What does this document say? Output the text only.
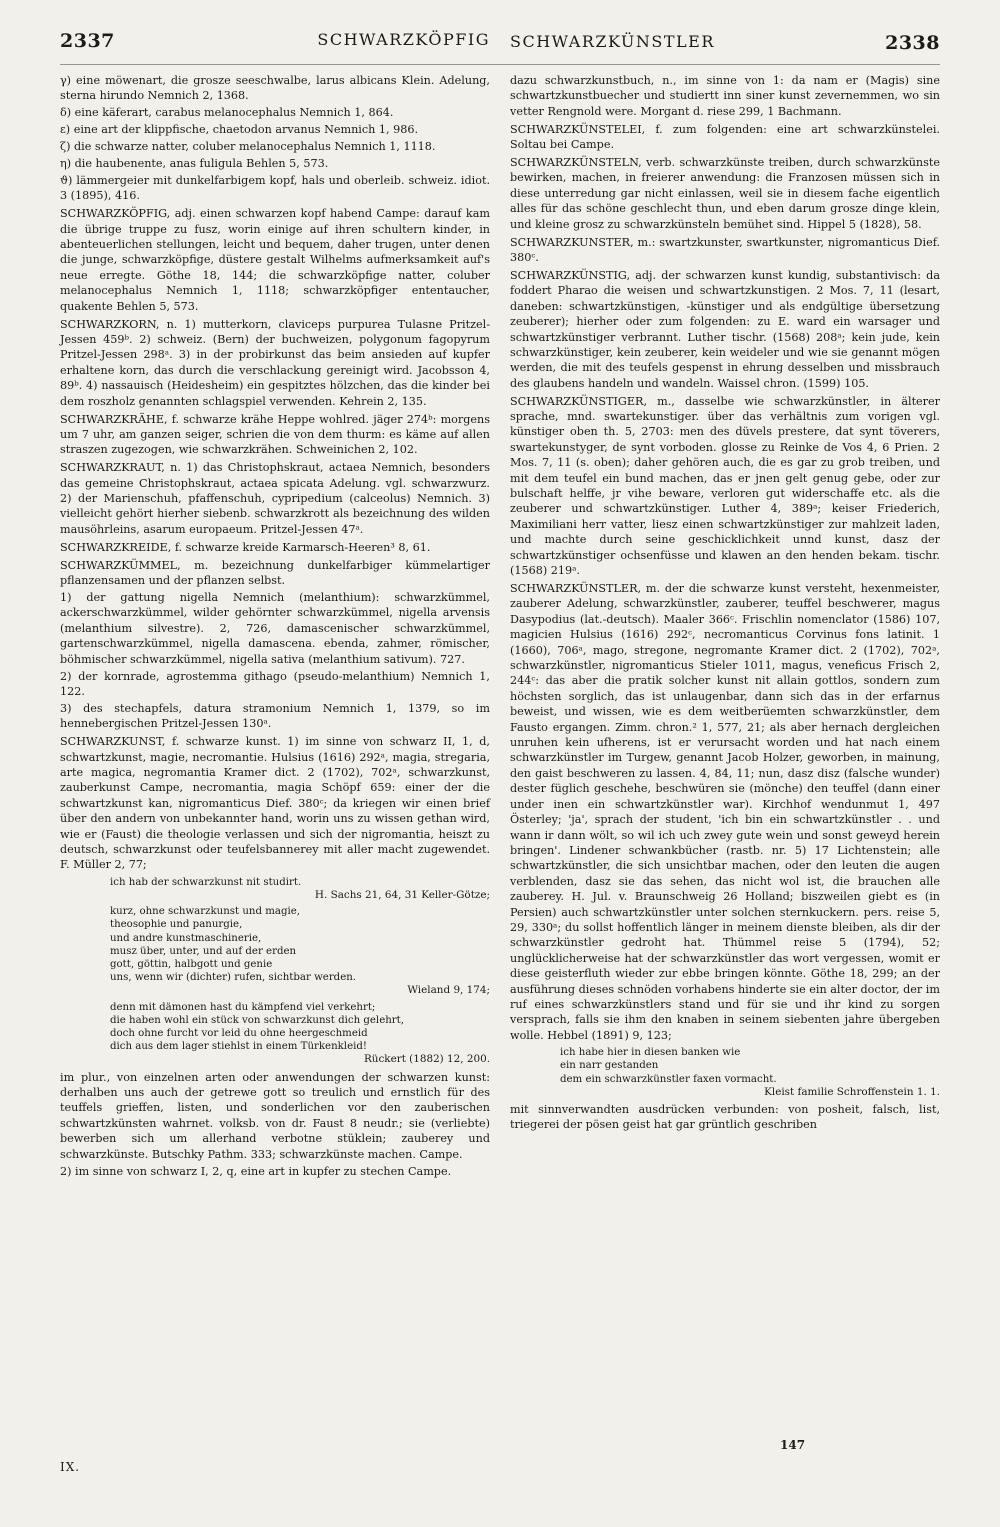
2337	SCHWARZKÖPFIG SCHWARZKÜNSTLER	2338

γ) eine möwenart, die grosze seeschwalbe, larus albicans Klein. Adelung, sterna hirundo Nemnich 2, 1368.

δ) eine käferart, carabus melanocephalus Nemnich 1, 864.

ε) eine art der klippfische, chaetodon arvanus Nemnich 1, 986.

ζ) die schwarze natter, coluber melanocephalus Nemnich 1, 1118.

η) die haubenente, anas fuligula Behlen 5, 573.

ϑ) lämmergeier mit dunkelfarbigem kopf, hals und oberleib. schweiz. idiot. 3 (1895), 416.

SCHWARZKÖPFIG, adj. einen schwarzen kopf habend Campe: darauf kam die übrige truppe zu fusz, worin einige auf ihren schultern kinder, in abenteuerlichen stellungen, leicht und bequem, daher trugen, unter denen die junge, schwarzköpfige, düstere gestalt Wilhelms aufmerksamkeit auf's neue erregte. Göthe 18, 144; die schwarzköpfige natter, coluber melanocephalus Nemnich 1, 1118; schwarzköpfiger ententaucher, quakente Behlen 5, 573.

SCHWARZKORN, n. 1) mutterkorn, claviceps purpurea Tulasne Pritzel-Jessen 459ᵇ. 2) schweiz. (Bern) der buchweizen, polygonum fagopyrum Pritzel-Jessen 298ᵃ. 3) in der probirkunst das beim ansieden auf kupfer erhaltene korn, das durch die verschlackung gereinigt wird. Jacobsson 4, 89ᵇ. 4) nassauisch (Heidesheim) ein gespitztes hölzchen, das die kinder bei dem roszholz genannten schlagspiel verwenden. Kehrein 2, 135.

SCHWARZKRÄHE, f. schwarze krähe Heppe wohlred. jäger 274ᵇ: morgens um 7 uhr, am ganzen seiger, schrien die von dem thurm: es käme auf allen straszen zugezogen, wie schwarzkrähen. Schweinichen 2, 102.

SCHWARZKRAUT, n. 1) das Christophskraut, actaea Nemnich, besonders das gemeine Christophskraut, actaea spicata Adelung. vgl. schwarzwurz. 2) der Marienschuh, pfaffenschuh, cypripedium (calceolus) Nemnich. 3) vielleicht gehört hierher siebenb. schwarzkrott als bezeichnung des wilden mausöhrleins, asarum europaeum. Pritzel-Jessen 47ᵃ.

SCHWARZKREIDE, f. schwarze kreide Karmarsch-Heeren³ 8, 61.

SCHWARZKÜMMEL, m. bezeichnung dunkelfarbiger kümmelartiger pflanzensamen und der pflanzen selbst.

1) der gattung nigella Nemnich (melanthium): schwarzkümmel, ackerschwarzkümmel, wilder gehörnter schwarzkümmel, nigella arvensis (melanthium silvestre). 2, 726, damascenischer schwarzkümmel, gartenschwarzkümmel, nigella damascena. ebenda, zahmer, römischer, böhmischer schwarzkümmel, nigella sativa (melanthium sativum). 727.

2) der kornrade, agrostemma githago (pseudo-melanthium) Nemnich 1, 122.

3) des stechapfels, datura stramonium Nemnich 1, 1379, so im hennebergischen Pritzel-Jessen 130ᵃ.

SCHWARZKUNST, f. schwarze kunst. 1) im sinne von schwarz II, 1, d, schwartzkunst, magie, necromantie. Hulsius (1616) 292ᵃ, magia, stregaria, arte magica, negromantia Kramer dict. 2 (1702), 702ᵃ, schwarzkunst, zauberkunst Campe, necromantia, magia Schöpf 659: einer der die schwartzkunst kan, nigromanticus Dief. 380ᶜ; da kriegen wir einen brief über den andern von unbekannter hand, worin uns zu wissen gethan wird, wie er (Faust) die theologie verlassen und sich der nigromantia, heiszt zu deutsch, schwarzkunst oder teufelsbannerey mit aller macht zugewendet. F. Müller 2, 77;

ich hab der schwarzkunst nit studirt.
H. Sachs 21, 64, 31 Keller-Götze;
kurz, ohne schwarzkunst und magie,
theosophie und panurgie,
und andre kunstmaschinerie,
musz über, unter, und auf der erden
gott, göttin, halbgott und genie
uns, wenn wir (dichter) rufen, sichtbar werden.
Wieland 9, 174;
denn mit dämonen hast du kämpfend viel verkehrt;
die haben wohl ein stück von schwarzkunst dich gelehrt,
doch ohne furcht vor leid du ohne heergeschmeid
dich aus dem lager stiehlst in einem Türkenkleid!
Rückert (1882) 12, 200.

im plur., von einzelnen arten oder anwendungen der schwarzen kunst: derhalben uns auch der getrewe gott so treulich und ernstlich für des teuffels grieffen, listen, und sonderlichen vor den zauberischen schwartzkünsten wahrnet. volksb. von dr. Faust 8 neudr.; sie (verliebte) bewerben sich um allerhand verbotne stüklein; zauberey und schwarzkünste. Butschky Pathm. 333; schwarzkünste machen. Campe.

2) im sinne von schwarz I, 2, q, eine art in kupfer zu stechen Campe.

dazu schwarzkunstbuch, n., im sinne von 1: da nam er (Magis) sine schwartzkunstbuecher und studiertt inn siner kunst zevernemmen, wo sin vetter Rengnold were. Morgant d. riese 299, 1 Bachmann.

SCHWARZKÜNSTELEI, f. zum folgenden: eine art schwarzkünstelei. Soltau bei Campe.

SCHWARZKÜNSTELN, verb. schwarzkünste treiben, durch schwarzkünste bewirken, machen, in freierer anwendung: die Franzosen müssen sich in diese unterredung gar nicht einlassen, weil sie in diesem fache eigentlich alles für das schöne geschlecht thun, und eben darum grosze dinge klein, und kleine grosz zu schwarzkünsteln bemühet sind. Hippel 5 (1828), 58.

SCHWARZKUNSTER, m.: swartzkunster, swartkunster, nigromanticus Dief. 380ᶜ.

SCHWARZKÜNSTIG, adj. der schwarzen kunst kundig, substantivisch: da foddert Pharao die weisen und schwartzkunstigen. 2 Mos. 7, 11 (lesart, daneben: schwartzkünstigen, -künstiger und als endgültige übersetzung zeuberer); hierher oder zum folgenden: zu E. ward ein warsager und schwartzkünstiger verbrannt. Luther tischr. (1568) 208ᵃ; kein jude, kein schwarzkünstiger, kein zeuberer, kein weideler und wie sie genannt mögen werden, die mit des teufels gespenst in ehrung desselben und missbrauch des glaubens handeln und wandeln. Waissel chron. (1599) 105.

SCHWARZKÜNSTIGER, m., dasselbe wie schwarzkünstler, in älterer sprache, mnd. swartekunstiger. über das verhältnis zum vorigen vgl. künstiger oben th. 5, 2703: men des düvels prestere, dat synt töverers, swartekunstyger, de synt vorboden. glosse zu Reinke de Vos 4, 6 Prien. 2 Mos. 7, 11 (s. oben); daher gehören auch, die es gar zu grob treiben, und mit dem teufel ein bund machen, das er jnen gelt genug gebe, oder zur bulschaft helffe, jr vihe beware, verloren gut widerschaffe etc. als die zeuberer und schwartzkünstiger. Luther 4, 389ᵃ; keiser Friederich, Maximiliani herr vatter, liesz einen schwartzkünstiger zur mahlzeit laden, und machte durch seine geschicklichkeit unnd kunst, dasz der schwartzkünstiger ochsenfüsse und klawen an den henden bekam. tischr. (1568) 219ᵃ.

SCHWARZKÜNSTLER, m. der die schwarze kunst versteht, hexenmeister, zauberer Adelung, schwarzkünstler, zauberer, teuffel beschwerer, magus Dasypodius (lat.-deutsch). Maaler 366ᶜ. Frischlin nomenclator (1586) 107, magicien Hulsius (1616) 292ᶜ, necromanticus Corvinus fons latinit. 1 (1660), 706ᵃ, mago, stregone, negromante Kramer dict. 2 (1702), 702ᵃ, schwarzkünstler, nigromanticus Stieler 1011, magus, veneficus Frisch 2, 244ᶜ: das aber die pratik solcher kunst nit allain gottlos, sondern zum höchsten sorglich, das ist unlaugenbar, dann sich das in der erfarnus beweist, und wissen, wie es dem weitberüemten schwarzkünstler, dem Fausto ergangen. Zimm. chron.² 1, 577, 21; als aber hernach dergleichen unruhen kein ufherens, ist er verursacht worden und hat nach einem schwarzkünstler im Turgew, genannt Jacob Holzer, geworben, in mainung, den gaist beschweren zu lassen. 4, 84, 11; nun, dasz disz (falsche wunder) dester füglich geschehe, beschwüren sie (mönche) den teuffel (dann einer under inen ein schwartzkünstler war). Kirchhof wendunmut 1, 497 Österley; 'ja', sprach der student, 'ich bin ein schwartzkünstler . . und wann ir dann wölt, so wil ich uch zwey gute wein und sonst geweyd herein bringen'. Lindener schwankbücher (rastb. nr. 5) 17 Lichtenstein; alle schwartzkünstler, die sich unsichtbar machen, oder den leuten die augen verblenden, dasz sie das sehen, das nicht wol ist, die brauchen alle zauberey. H. Jul. v. Braunschweig 26 Holland; biszweilen giebt es (in Persien) auch schwartzkünstler unter solchen sternkuckern. pers. reise 5, 29, 330ᵃ; du sollst hoffentlich länger in meinem dienste bleiben, als dir der schwarzkünstler gedroht hat. Thümmel reise 5 (1794), 52; unglücklicherweise hat der schwarzkünstler das wort vergessen, womit er diese geisterfluth wieder zur ebbe bringen könnte. Göthe 18, 299; an der ausführung dieses schnöden vorhabens hinderte sie ein alter doctor, der im ruf eines schwarzkünstlers stand und für sie und ihr kind zu sorgen versprach, falls sie ihm den knaben in seinem siebenten jahre übergeben wolle. Hebbel (1891) 9, 123;

ich habe hier in diesen banken wie
ein narr gestanden
dem ein schwarzkünstler faxen vormacht.
Kleist familie Schroffenstein 1. 1.

mit sinnverwandten ausdrücken verbunden: von posheit, falsch, list, triegerei der pösen geist hat gar grüntlich geschriben

IX.
147
